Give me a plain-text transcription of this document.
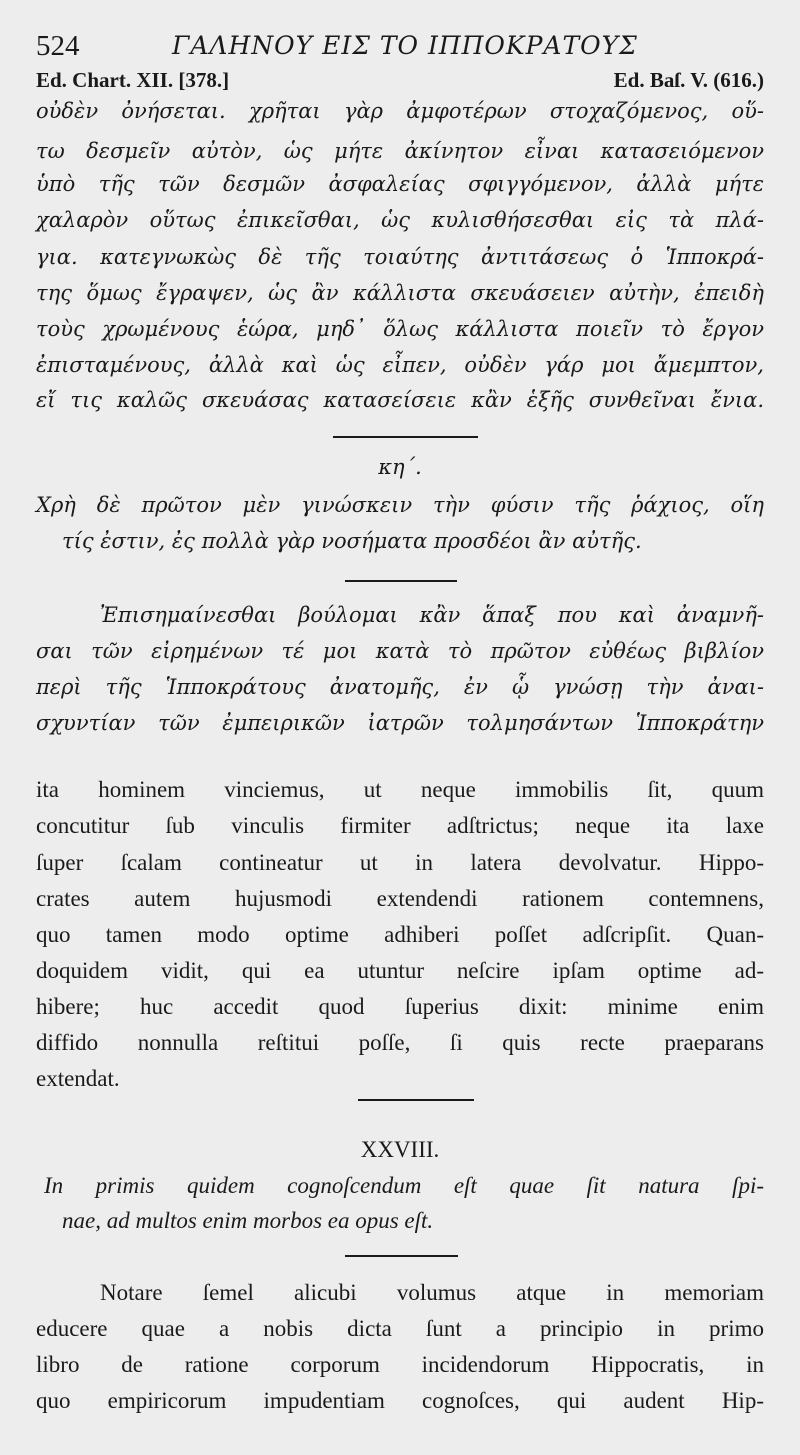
524	ΓΑΛΗΝΟΥ ΕΙΣ ΤΟ ΙΠΠΟΚΡΑΤΟΥΣ
Ed. Chart. XII. [378.]	Ed. Baſ. V. (616.)
οὐδὲν ὀνήσεται. χρῆται γὰρ ἀμφοτέρων στοχαζόμενος, οὕ-
τω δεσμεῖν αὐτὸν, ὡς μήτε ἀκίνητον εἶναι κατασειόμενον
ὑπὸ τῆς τῶν δεσμῶν ἀσφαλείας σφιγγόμενον, ἀλλὰ μήτε
χαλαρὸν οὕτως ἐπικεῖσθαι, ὡς κυλισθήσεσθαι εἰς τὰ πλά-
για. κατεγνωκὼς δὲ τῆς τοιαύτης ἀντιτάσεως ὁ Ἱπποκρά-
της ὅμως ἔγραψεν, ὡς ἂν κάλλιστα σκευάσειεν αὐτὴν, ἐπειδὴ
τοὺς χρωμένους ἑώρα, μηδ᾽ ὅλως κάλλιστα ποιεῖν τὸ ἔργον
ἐπισταμένους, ἀλλὰ καὶ ὡς εἶπεν, οὐδὲν γάρ μοι ἄμεμπτον,
εἴ τις καλῶς σκευάσας κατασείσειε κἂν ἑξῆς συνθεῖναι ἔνια.
κη΄.
Χρὴ δὲ πρῶτον μὲν γινώσκειν τὴν φύσιν τῆς ῥάχιος, οἵη
τίς ἐστιν, ἐς πολλὰ γὰρ νοσήματα προσδέοι ἂν αὐτῆς.
Ἐπισημαίνεσθαι βούλομαι κἂν ἅπαξ που καὶ ἀναμνῆ-
σαι τῶν εἰρημένων τέ μοι κατὰ τὸ πρῶτον εὐθέως βιβλίον
περὶ τῆς Ἱπποκράτους ἀνατομῆς, ἐν ᾧ γνώσῃ τὴν ἀναι-
σχυντίαν τῶν ἐμπειρικῶν ἰατρῶν τολμησάντων Ἱπποκράτην
ita hominem vinciemus, ut neque immobilis ſit, quum
concutitur ſub vinculis firmiter adſtrictus; neque ita laxe
ſuper ſcalam contineatur ut in latera devolvatur. Hippo-
crates autem hujusmodi extendendi rationem contemnens,
quo tamen modo optime adhiberi poſſet adſcripſit. Quan-
doquidem vidit, qui ea utuntur neſcire ipſam optime ad-
hibere; huc accedit quod ſuperius dixit: minime enim
diffido nonnulla reſtitui poſſe, ſi quis recte praeparans
extendat.
XXVIII.
In primis quidem cognoſcendum eſt quae ſit natura ſpi-
nae, ad multos enim morbos ea opus eſt.
Notare ſemel alicubi volumus atque in memoriam
educere quae a nobis dicta ſunt a principio in primo
libro de ratione corporum incidendorum Hippocratis, in
quo empiricorum impudentiam cognoſces, qui audent Hip-
